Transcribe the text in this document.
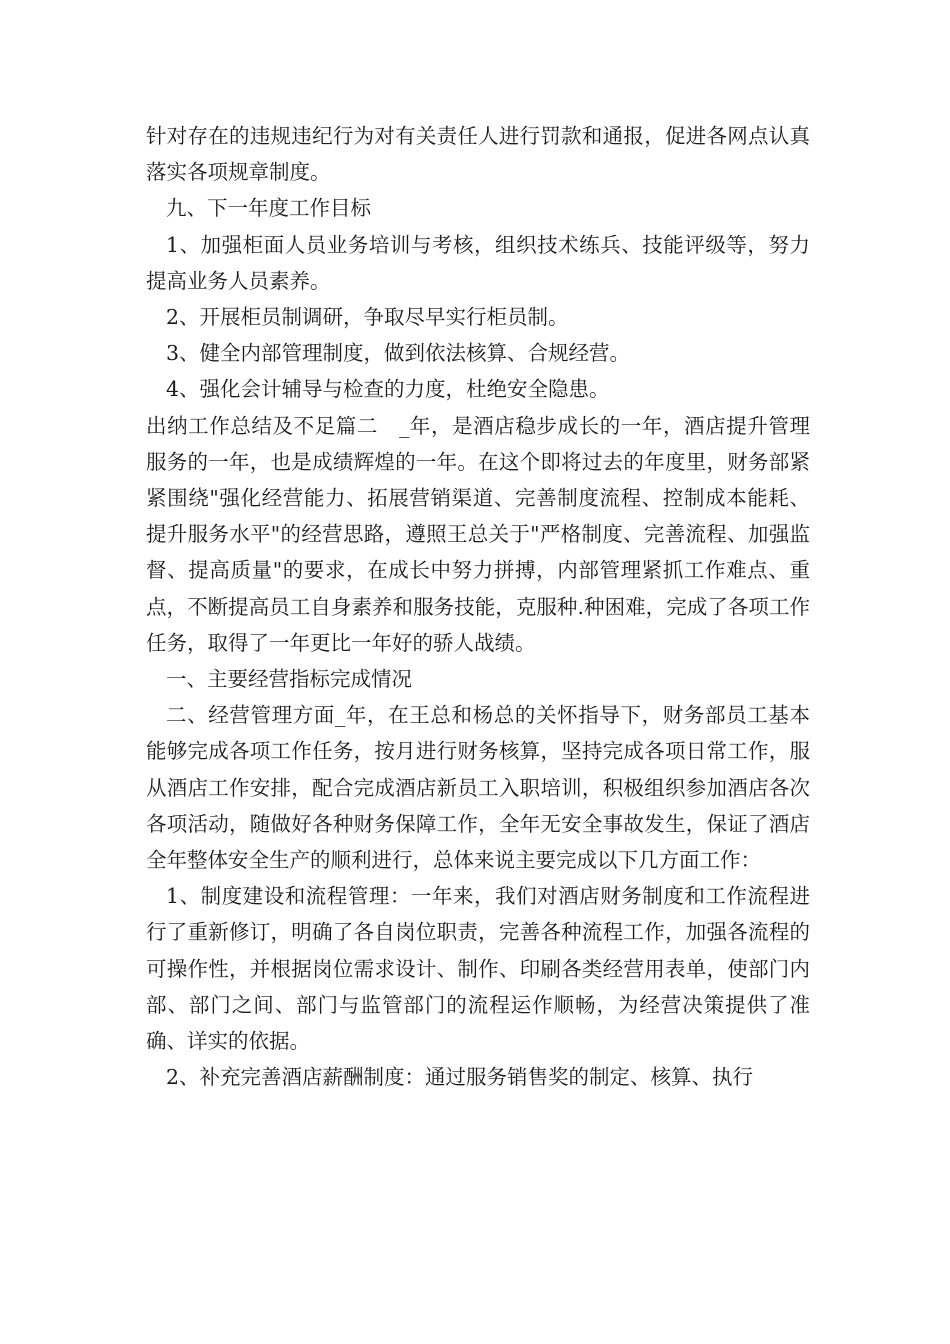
针对存在的违规违纪行为对有关责任人进行罚款和通报，促进各网点认真落实各项规章制度。

九、下一年度工作目标

1、加强柜面人员业务培训与考核，组织技术练兵、技能评级等，努力提高业务人员素养。

2、开展柜员制调研，争取尽早实行柜员制。

3、健全内部管理制度，做到依法核算、合规经营。

4、强化会计辅导与检查的力度，杜绝安全隐患。

出纳工作总结及不足篇二　_年，是酒店稳步成长的一年，酒店提升管理服务的一年，也是成绩辉煌的一年。在这个即将过去的年度里，财务部紧紧围绕"强化经营能力、拓展营销渠道、完善制度流程、控制成本能耗、提升服务水平"的经营思路，遵照王总关于"严格制度、完善流程、加强监督、提高质量"的要求，在成长中努力拼搏，内部管理紧抓工作难点、重点，不断提高员工自身素养和服务技能，克服种.种困难，完成了各项工作任务，取得了一年更比一年好的骄人战绩。

一、主要经营指标完成情况

二、经营管理方面_年，在王总和杨总的关怀指导下，财务部员工基本能够完成各项工作任务，按月进行财务核算，坚持完成各项日常工作，服从酒店工作安排，配合完成酒店新员工入职培训，积极组织参加酒店各次各项活动，随做好各种财务保障工作，全年无安全事故发生，保证了酒店全年整体安全生产的顺利进行，总体来说主要完成以下几方面工作：

1、制度建设和流程管理：一年来，我们对酒店财务制度和工作流程进行了重新修订，明确了各自岗位职责，完善各种流程工作，加强各流程的可操作性，并根据岗位需求设计、制作、印刷各类经营用表单，使部门内部、部门之间、部门与监管部门的流程运作顺畅，为经营决策提供了准确、详实的依据。

2、补充完善酒店薪酬制度：通过服务销售奖的制定、核算、执行
